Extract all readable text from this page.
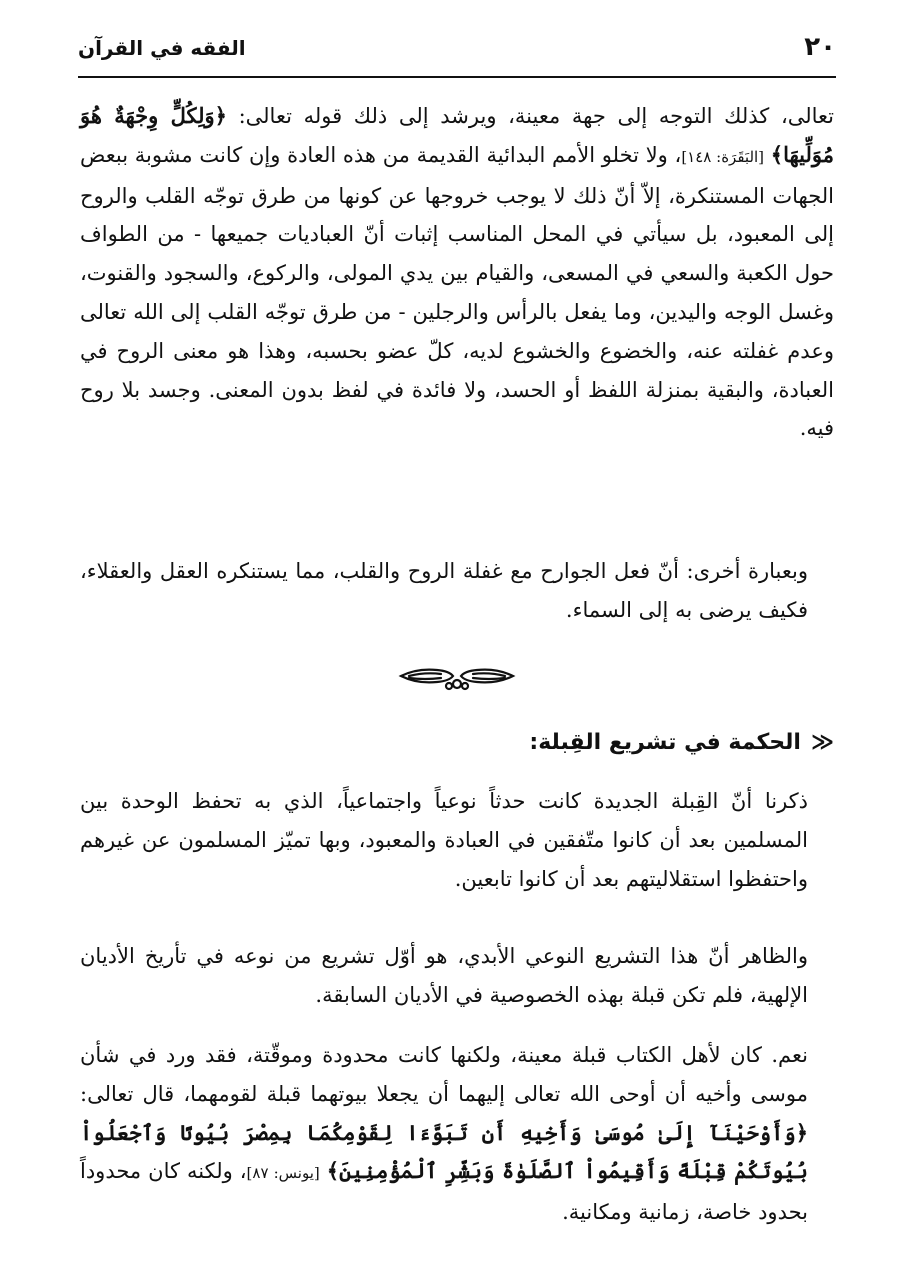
٢٠
الفقه في القرآن

تعالى، كذلك التوجه إلى جهة معينة، ويرشد إلى ذلك قوله تعالى: ﴿وَلِكُلٍّ وِجْهَةٌ هُوَ مُوَلِّيهَا﴾ [البَقَرَة: ١٤٨]، ولا تخلو الأمم البدائية القديمة من هذه العادة وإن كانت مشوبة ببعض الجهات المستنكرة، إلاّ أنّ ذلك لا يوجب خروجها عن كونها من طرق توجّه القلب والروح إلى المعبود، بل سيأتي في المحل المناسب إثبات أنّ العباديات جميعها - من الطواف حول الكعبة والسعي في المسعى، والقيام بين يدي المولى، والركوع، والسجود والقنوت، وغسل الوجه واليدين، وما يفعل بالرأس والرجلين - من طرق توجّه القلب إلى الله تعالى وعدم غفلته عنه، والخضوع والخشوع لديه، كلّ عضو بحسبه، وهذا هو معنى الروح في العبادة، والبقية بمنزلة اللفظ أو الحسد، ولا فائدة في لفظ بدون المعنى. وجسد بلا روح فيه.

وبعبارة أخرى: أنّ فعل الجوارح مع غفلة الروح والقلب، مما يستنكره العقل والعقلاء، فكيف يرضى به إلى السماء.

≪
الحكمة في تشريع القِبلة:

ذكرنا أنّ القِبلة الجديدة كانت حدثاً نوعياً واجتماعياً، الذي به تحفظ الوحدة بين المسلمين بعد أن كانوا متّفقين في العبادة والمعبود، وبها تميّز المسلمون عن غيرهم واحتفظوا استقلاليتهم بعد أن كانوا تابعين.

والظاهر أنّ هذا التشريع النوعي الأبدي، هو أوّل تشريع من نوعه في تأريخ الأديان الإلهية، فلم تكن قبلة بهذه الخصوصية في الأديان السابقة.

نعم. كان لأهل الكتاب قبلة معينة، ولكنها كانت محدودة وموقّتة، فقد ورد في شأن موسى وأخيه أن أوحى الله تعالى إليهما أن يجعلا بيوتهما قبلة لقومهما، قال تعالى: ﴿وَأَوْحَيْنَآ إِلَىٰ مُوسَىٰ وَأَخِيهِ أَن تَبَوَّءَا لِقَوْمِكُمَا بِمِصْرَ بُيُوتًا وَٱجْعَلُواْ بُيُوتَكُمْ قِبْلَةً وَأَقِيمُواْ ٱلصَّلَوٰةَ وَبَشِّرِ ٱلْمُؤْمِنِينَ﴾ [يونس: ٨٧]، ولكنه كان محدوداً بحدود خاصة، زمانية ومكانية.
